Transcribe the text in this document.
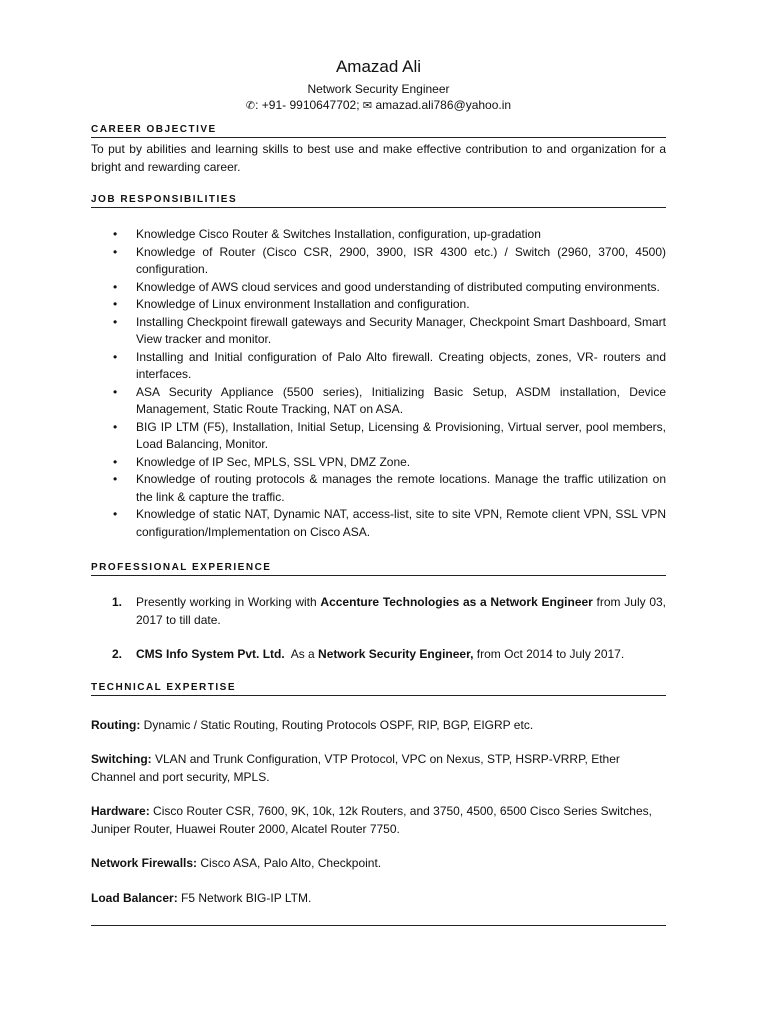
Amazad Ali
Network Security Engineer
✆: +91- 9910647702; ✉ amazad.ali786@yahoo.in
CAREER OBJECTIVE
To put by abilities and learning skills to best use and make effective contribution to and organization for a bright and rewarding career.
JOB RESPONSIBILITIES
• Knowledge Cisco Router & Switches Installation, configuration, up-gradation
• Knowledge of Router (Cisco CSR, 2900, 3900, ISR 4300 etc.) / Switch (2960, 3700, 4500) configuration.
• Knowledge of AWS cloud services and good understanding of distributed computing environments.
• Knowledge of Linux environment Installation and configuration.
• Installing Checkpoint firewall gateways and Security Manager, Checkpoint Smart Dashboard, Smart View tracker and monitor.
• Installing and Initial configuration of Palo Alto firewall. Creating objects, zones, VR- routers and interfaces.
• ASA Security Appliance (5500 series), Initializing Basic Setup, ASDM installation, Device Management, Static Route Tracking, NAT on ASA.
• BIG IP LTM (F5), Installation, Initial Setup, Licensing & Provisioning, Virtual server, pool members, Load Balancing, Monitor.
• Knowledge of IP Sec, MPLS, SSL VPN, DMZ Zone.
• Knowledge of routing protocols & manages the remote locations. Manage the traffic utilization on the link & capture the traffic.
• Knowledge of static NAT, Dynamic NAT, access-list, site to site VPN, Remote client VPN, SSL VPN configuration/Implementation on Cisco ASA.
PROFESSIONAL EXPERIENCE
1. Presently working in Working with Accenture Technologies as a Network Engineer from July 03, 2017 to till date.
2. CMS Info System Pvt. Ltd.  As a Network Security Engineer, from Oct 2014 to July 2017.
TECHNICAL EXPERTISE

Routing: Dynamic / Static Routing, Routing Protocols OSPF, RIP, BGP, EIGRP etc.

Switching: VLAN and Trunk Configuration, VTP Protocol, VPC on Nexus, STP, HSRP-VRRP, Ether Channel and port security, MPLS.

Hardware: Cisco Router CSR, 7600, 9K, 10k, 12k Routers, and 3750, 4500, 6500 Cisco Series Switches, Juniper Router, Huawei Router 2000, Alcatel Router 7750.

Network Firewalls: Cisco ASA, Palo Alto, Checkpoint.

Load Balancer: F5 Network BIG-IP LTM.
